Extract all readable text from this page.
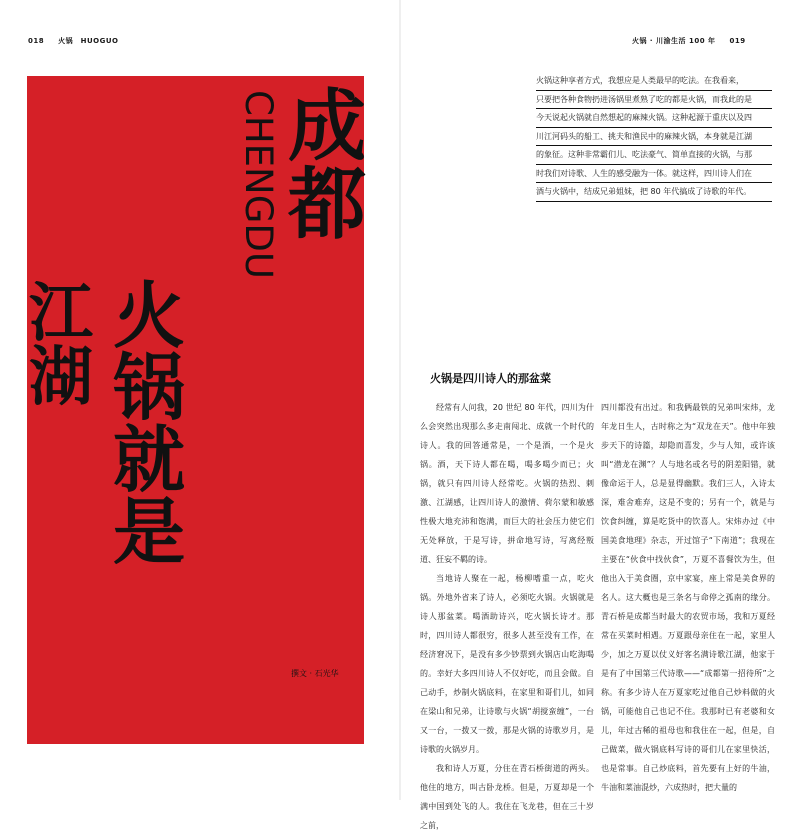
018 火锅　HUOGUO	火锅 · 川渝生活 100 年 019
成
都
CHENGDU
江
湖
火
锅
就
是
撰文 · 石光华
火锅这种享者方式，我想应是人类最早的吃法。在我看来，
只要把各种食物扔进汤锅里煮熟了吃的都是火锅，而我此的是
今天说起火锅就自然想起的麻辣火锅。这种起源于重庆以及四
川江河码头的船工、挑夫和渔民中的麻辣火锅，本身就是江湖
的象征。这种非常霸们儿、吃法豪气、简单直接的火锅，与那
时我们对诗歌、人生的感受融为一体。就这样，四川诗人们在
酒与火锅中，结成兄弟姐妹，把 80 年代搞成了诗歌的年代。
火锅是四川诗人的那盆菜

经常有人问我，20 世纪 80 年代，四川为什么会突然出现那么多走南闯北、成就一个时代的诗人。我的回答通常是，一个是酒，一个是火锅。酒，天下诗人都在喝，喝多喝少而已；火锅，就只有四川诗人经常吃。火锅的热烈、刺激、江湖感，让四川诗人的激情、荷尔蒙和敏感性极大地充沛和饱满，而巨大的社会压力使它们无处释放，于是写诗，拼命地写诗，写离经叛道、狂妄不羁的诗。

当地诗人聚在一起，杨柳嗜重一点，吃火锅。外地外省来了诗人，必须吃火锅。火锅就是诗人那盆菜。喝酒助诗兴，吃火锅长诗才。那时，四川诗人都很穷，很多人甚至没有工作，在经济窘况下，是没有多少钞票到火锅店山吃海喝的。幸好大多四川诗人不仅好吃，而且会做。自己动手，炒制火锅底料，在家里和哥们儿，如同在梁山和兄弟，让诗歌与火锅“胡搅蛮缠”，一台又一台，一拨又一拨，那是火锅的诗歌岁月，是诗歌的火锅岁月。

我和诗人万夏，分住在青石桥街道的两头。他住的地方，叫古卧龙桥。但是，万夏却是一个满中国到处飞的人。我住在飞龙巷，但在三十岁之前，

四川都没有出过。和我俩最铁的兄弟叫宋炜，龙年龙日生人，古时称之为“双龙在天”。他中年独步天下的诗篇，却隐而喜发，少与人知，或许该叫“潜龙在渊”？人与地名或名号的阴差阳错，就像命运于人，总是显得幽默。我们三人，入诗太深，难舍难弃，这是不变的；另有一个，就是与饮食纠缠，算是吃货中的饮喜人。宋炜办过《中国美食地理》杂志，开过馆子“下南道”；我现在主要在“伙食中找伙食”，万夏不喜餐饮为生，但他出入于美食圈，京中家宴，座上常是美食界的名人。这大概也是三条名与命停之孤南的缘分。青石桥是成都当时最大的农贸市场，我和万夏经常在买菜时相遇。万夏跟母亲住在一起，家里人少，加之万夏以仗义好客名满诗歌江湖，他家于是有了中国第三代诗歌——“成都第一招待所”之称。有多少诗人在万夏家吃过他自己炒料做的火锅，可能他自己也记不住。我那时已有老婆和女儿，年过古稀的祖母也和我住在一起，但是，自己做菜，做火锅底料写诗的哥们儿在家里快活，也是常事。自己炒底料，首先要有上好的牛油，牛油和菜油混炒，六成热时，把大量的
